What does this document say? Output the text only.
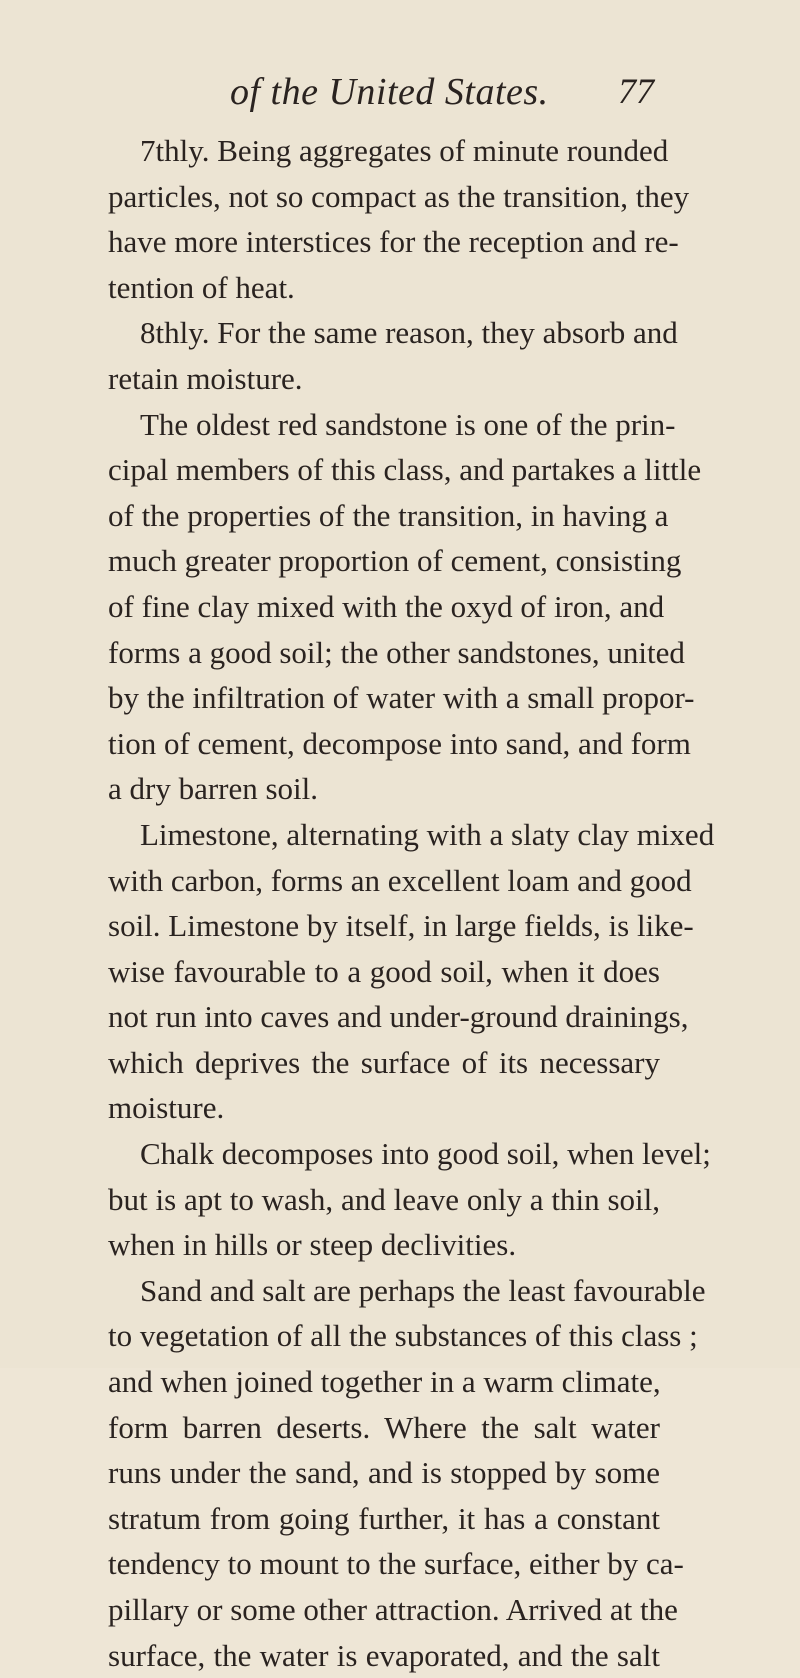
of the United States. 77
7thly. Being aggregates of minute rounded
particles, not so compact as the transition, they
have more interstices for the reception and re-
tention of heat.
8thly. For the same reason, they absorb and
retain moisture.
The oldest red sandstone is one of the prin-
cipal members of this class, and partakes a little
of the properties of the transition, in having a
much greater proportion of cement, consisting
of fine clay mixed with the oxyd of iron, and
forms a good soil; the other sandstones, united
by the infiltration of water with a small propor-
tion of cement, decompose into sand, and form
a dry barren soil.
Limestone, alternating with a slaty clay mixed
with carbon, forms an excellent loam and good
soil. Limestone by itself, in large fields, is like-
wise favourable to a good soil, when it does
not run into caves and under-ground drainings,
which deprives the surface of its necessary
moisture.
Chalk decomposes into good soil, when level;
but is apt to wash, and leave only a thin soil,
when in hills or steep declivities.
Sand and salt are perhaps the least favourable
to vegetation of all the substances of this class ;
and when joined together in a warm climate,
form barren deserts. Where the salt water
runs under the sand, and is stopped by some
stratum from going further, it has a constant
tendency to mount to the surface, either by ca-
pillary or some other attraction. Arrived at the
surface, the water is evaporated, and the salt
